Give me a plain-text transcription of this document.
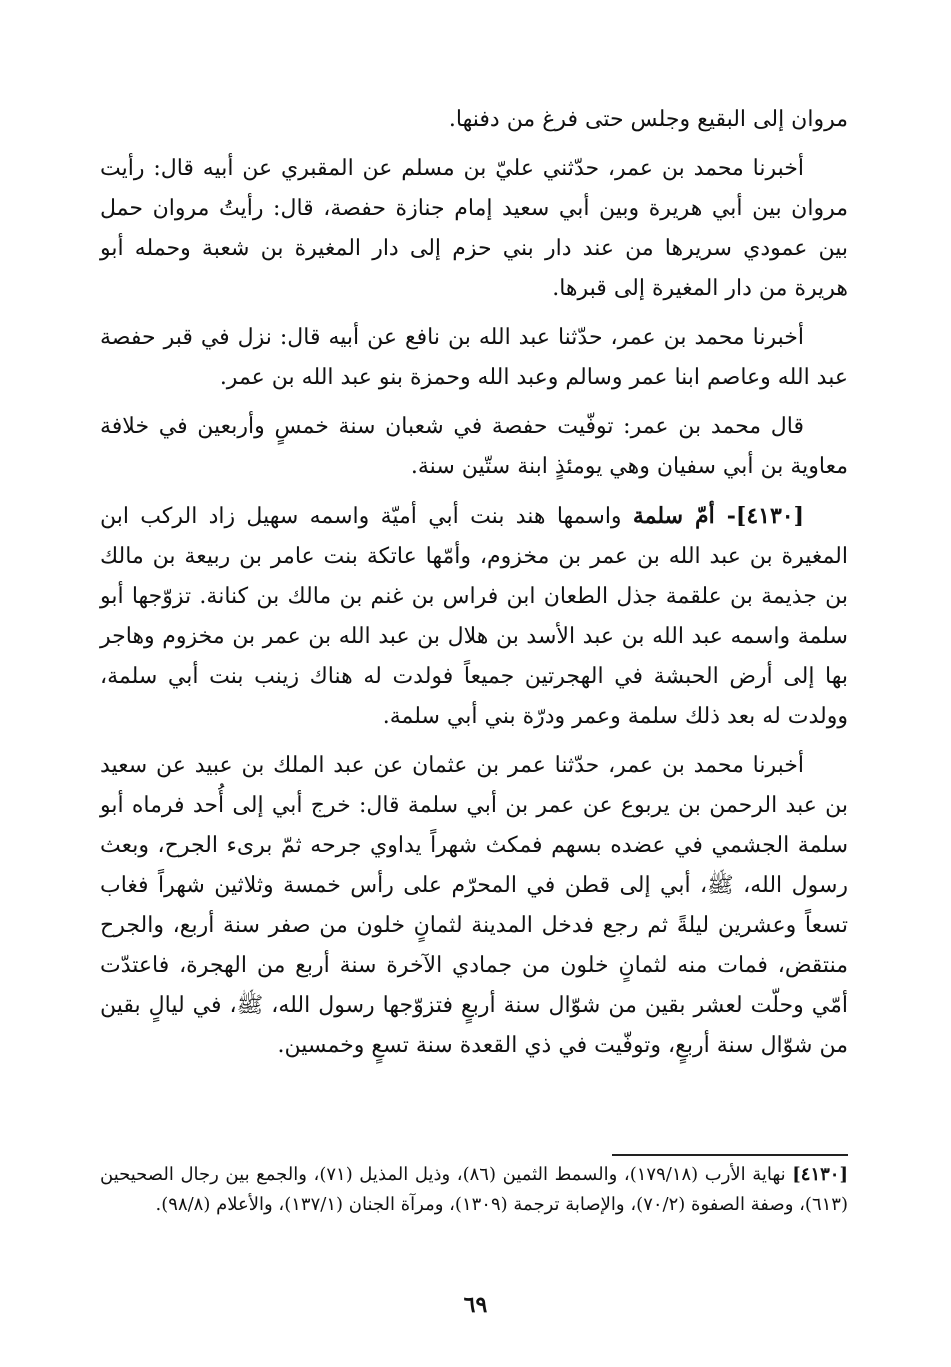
مروان إلى البقيع وجلس حتى فرغ من دفنها.

أخبرنا محمد بن عمر، حدّثني عليّ بن مسلم عن المقبري عن أبيه قال: رأيت مروان بين أبي هريرة وبين أبي سعيد إمام جنازة حفصة، قال: رأيتُ مروان حمل بين عمودي سريرها من عند دار بني حزم إلى دار المغيرة بن شعبة وحمله أبو هريرة من دار المغيرة إلى قبرها.

أخبرنا محمد بن عمر، حدّثنا عبد الله بن نافع عن أبيه قال: نزل في قبر حفصة عبد الله وعاصم ابنا عمر وسالم وعبد الله وحمزة بنو عبد الله بن عمر.

قال محمد بن عمر: توفّيت حفصة في شعبان سنة خمسٍ وأربعين في خلافة معاوية بن أبي سفيان وهي يومئذٍ ابنة ستّين سنة.

[٤١٣٠]- أمّ سلمة واسمها هند بنت أبي أميّة واسمه سهيل زاد الركب ابن المغيرة بن عبد الله بن عمر بن مخزوم، وأمّها عاتكة بنت عامر بن ربيعة بن مالك بن جذيمة بن علقمة جذل الطعان ابن فراس بن غنم بن مالك بن كنانة. تزوّجها أبو سلمة واسمه عبد الله بن عبد الأسد بن هلال بن عبد الله بن عمر بن مخزوم وهاجر بها إلى أرض الحبشة في الهجرتين جميعاً فولدت له هناك زينب بنت أبي سلمة، وولدت له بعد ذلك سلمة وعمر ودرّة بني أبي سلمة.

أخبرنا محمد بن عمر، حدّثنا عمر بن عثمان عن عبد الملك بن عبيد عن سعيد بن عبد الرحمن بن يربوع عن عمر بن أبي سلمة قال: خرج أبي إلى أُحد فرماه أبو سلمة الجشمي في عضده بسهم فمكث شهراً يداوي جرحه ثمّ برىء الجرح، وبعث رسول الله، ﷺ، أبي إلى قطن في المحرّم على رأس خمسة وثلاثين شهراً فغاب تسعاً وعشرين ليلةً ثم رجع فدخل المدينة لثمانٍ خلون من صفر سنة أربع، والجرح منتقض، فمات منه لثمانٍ خلون من جمادي الآخرة سنة أربع من الهجرة، فاعتدّت أمّي وحلّت لعشر بقين من شوّال سنة أربعٍ فتزوّجها رسول الله، ﷺ، في ليالٍ بقين من شوّال سنة أربعٍ، وتوفّيت في ذي القعدة سنة تسعٍ وخمسين.

[٤١٣٠] نهاية الأرب (١٧٩/١٨)، والسمط الثمين (٨٦)، وذيل المذيل (٧١)، والجمع بين رجال الصحيحين (٦١٣)، وصفة الصفوة (٧٠/٢)، والإصابة ترجمة (١٣٠٩)، ومرآة الجنان (١٣٧/١)، والأعلام (٩٨/٨).

٦٩
